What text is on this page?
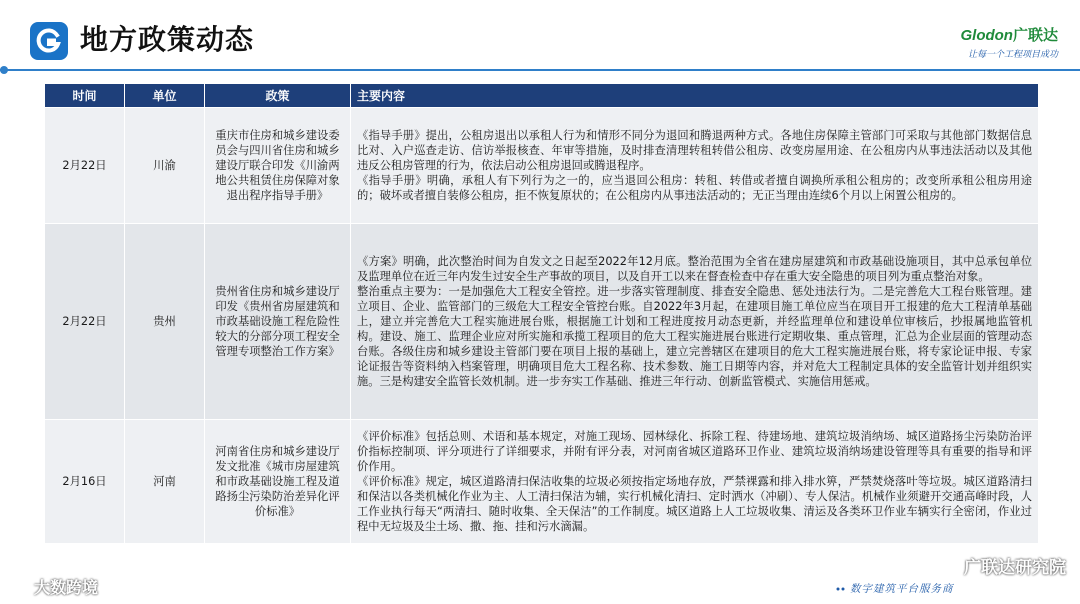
地方政策动态	Glodon广联达
让每一个工程项目成功
时间	单位	政策	主要内容
2月22日	川渝	重庆市住房和城乡建设委员会与四川省住房和城乡建设厅联合印发《川渝两地公共租赁住房保障对象退出程序指导手册》	《指导手册》提出，公租房退出以承租人行为和情形不同分为退回和腾退两种方式。各地住房保障主管部门可采取与其他部门数据信息比对、入户巡查走访、信访举报核查、年审等措施，及时排查清理转租转借公租房、改变房屋用途、在公租房内从事违法活动以及其他违反公租房管理的行为，依法启动公租房退回或腾退程序。

《指导手册》明确，承租人有下列行为之一的，应当退回公租房：转租、转借或者擅自调换所承租公租房的；改变所承租公租房用途的；破坏或者擅自装修公租房，拒不恢复原状的；在公租房内从事违法活动的；无正当理由连续6个月以上闲置公租房的。

2月22日	贵州	贵州省住房和城乡建设厅印发《贵州省房屋建筑和市政基础设施工程危险性较大的分部分项工程安全管理专项整治工作方案》	《方案》明确，此次整治时间为自发文之日起至2022年12月底。整治范围为全省在建房屋建筑和市政基础设施项目，其中总承包单位及监理单位在近三年内发生过安全生产事故的项目，以及自开工以来在督查检查中存在重大安全隐患的项目列为重点整治对象。

整治重点主要为：一是加强危大工程安全管控。进一步落实管理制度、排查安全隐患、惩处违法行为。二是完善危大工程台账管理。建立项目、企业、监管部门的三级危大工程安全管控台账。自2022年3月起，在建项目施工单位应当在项目开工报建的危大工程清单基础上，建立并完善危大工程实施进展台账，根据施工计划和工程进度按月动态更新，并经监理单位和建设单位审核后，抄报属地监管机构。建设、施工、监理企业应对所实施和承揽工程项目的危大工程实施进展台账进行定期收集、重点管理，汇总为企业层面的管理动态台账。各级住房和城乡建设主管部门要在项目上报的基础上，建立完善辖区在建项目的危大工程实施进展台账，将专家论证申报、专家论证报告等资料纳入档案管理，明确项目危大工程名称、技术参数、施工日期等内容，并对危大工程制定具体的安全监管计划并组织实施。三是构建安全监管长效机制。进一步夯实工作基础、推进三年行动、创新监管模式、实施信用惩戒。

2月16日	河南	河南省住房和城乡建设厅发文批准《城市房屋建筑和市政基础设施工程及道路扬尘污染防治差异化评价标准》	《评价标准》包括总则、术语和基本规定，对施工现场、园林绿化、拆除工程、待建场地、建筑垃圾消纳场、城区道路扬尘污染防治评价指标控制项、评分项进行了详细要求，并附有评分表，对河南省城区道路环卫作业、建筑垃圾消纳场建设管理等具有重要的指导和评价作用。

《评价标准》规定，城区道路清扫保洁收集的垃圾必须按指定场地存放，严禁裸露和排入排水箅，严禁焚烧落叶等垃圾。城区道路清扫和保洁以各类机械化作业为主、人工清扫保洁为辅，实行机械化清扫、定时洒水（冲刷）、专人保洁。机械作业须避开交通高峰时段，人工作业执行每天“两清扫、随时收集、全天保洁”的工作制度。城区道路上人工垃圾收集、清运及各类环卫作业车辆实行全密闭，作业过程中无垃圾及尘土场、撒、拖、挂和污水滴漏。

大数跨境
广联达研究院
数字建筑平台服务商
